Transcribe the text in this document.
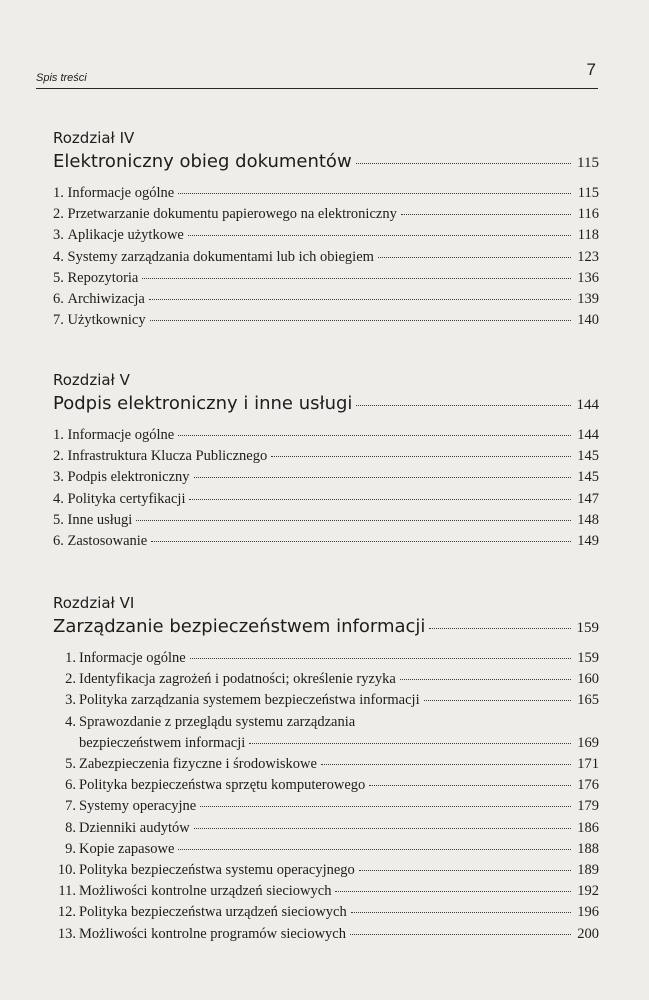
Spis treści	7
Rozdział IV
Elektroniczny obieg dokumentów	115
1.
Informacje ogólne	115
2.
Przetwarzanie dokumentu papierowego na elektroniczny	116
3.
Aplikacje użytkowe	118
4.
Systemy zarządzania dokumentami lub ich obiegiem	123
5.
Repozytoria	136
6.
Archiwizacja	139
7.
Użytkownicy	140
Rozdział V
Podpis elektroniczny i inne usługi	144
1.
Informacje ogólne	144
2.
Infrastruktura Klucza Publicznego	145
3.
Podpis elektroniczny	145
4.
Polityka certyfikacji	147
5.
Inne usługi	148
6.
Zastosowanie	149
Rozdział VI
Zarządzanie bezpieczeństwem informacji	159
1. Informacje ogólne	159
2. Identyfikacja zagrożeń i podatności; określenie ryzyka	160
3. Polityka zarządzania systemem bezpieczeństwa informacji	165
4. Sprawozdanie z przeglądu systemu zarządzania
bezpieczeństwem informacji	169
5. Zabezpieczenia fizyczne i środowiskowe	171
6. Polityka bezpieczeństwa sprzętu komputerowego	176
7. Systemy operacyjne	179
8. Dzienniki audytów	186
9. Kopie zapasowe	188
10. Polityka bezpieczeństwa systemu operacyjnego	189
11. Możliwości kontrolne urządzeń sieciowych	192
12. Polityka bezpieczeństwa urządzeń sieciowych	196
13. Możliwości kontrolne programów sieciowych	200
